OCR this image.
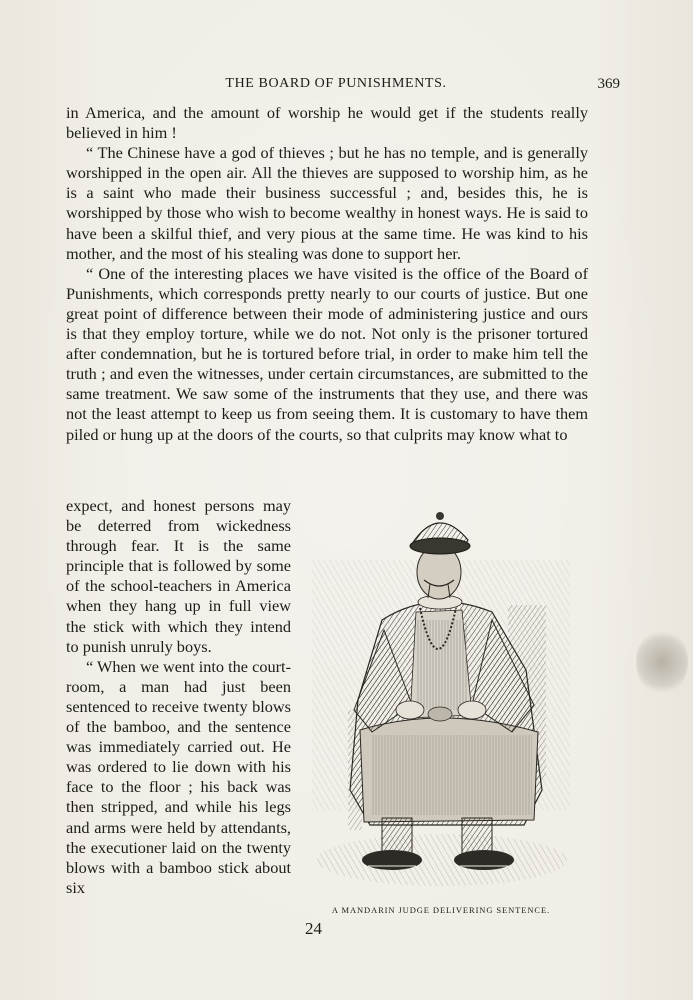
THE BOARD OF PUNISHMENTS.	369

in America, and the amount of worship he would get if the students really believed in him !

“ The Chinese have a god of thieves ; but he has no temple, and is generally worshipped in the open air. All the thieves are supposed to worship him, as he is a saint who made their business successful ; and, besides this, he is worshipped by those who wish to become wealthy in honest ways. He is said to have been a skilful thief, and very pious at the same time. He was kind to his mother, and the most of his stealing was done to support her.

“ One of the interesting places we have visited is the office of the Board of Punishments, which corresponds pretty nearly to our courts of justice. But one great point of difference between their mode of administering justice and ours is that they employ torture, while we do not. Not only is the prisoner tortured after condemnation, but he is tortured before trial, in order to make him tell the truth ; and even the witnesses, under certain circumstances, are submitted to the same treatment. We saw some of the instruments that they use, and there was not the least attempt to keep us from seeing them. It is customary to have them piled or hung up at the doors of the courts, so that culprits may know what to

expect, and honest persons may be deterred from wickedness through fear. It is the same principle that is followed by some of the school-teachers in America when they hang up in full view the stick with which they intend to punish unruly boys.

“ When we went into the court-room, a man had just been sentenced to receive twenty blows of the bamboo, and the sentence was immediately carried out. He was ordered to lie down with his face to the floor ; his back was then stripped, and while his legs and arms were held by attendants, the executioner laid on the twenty blows with a bamboo stick about six

A MANDARIN JUDGE DELIVERING SENTENCE.
24
